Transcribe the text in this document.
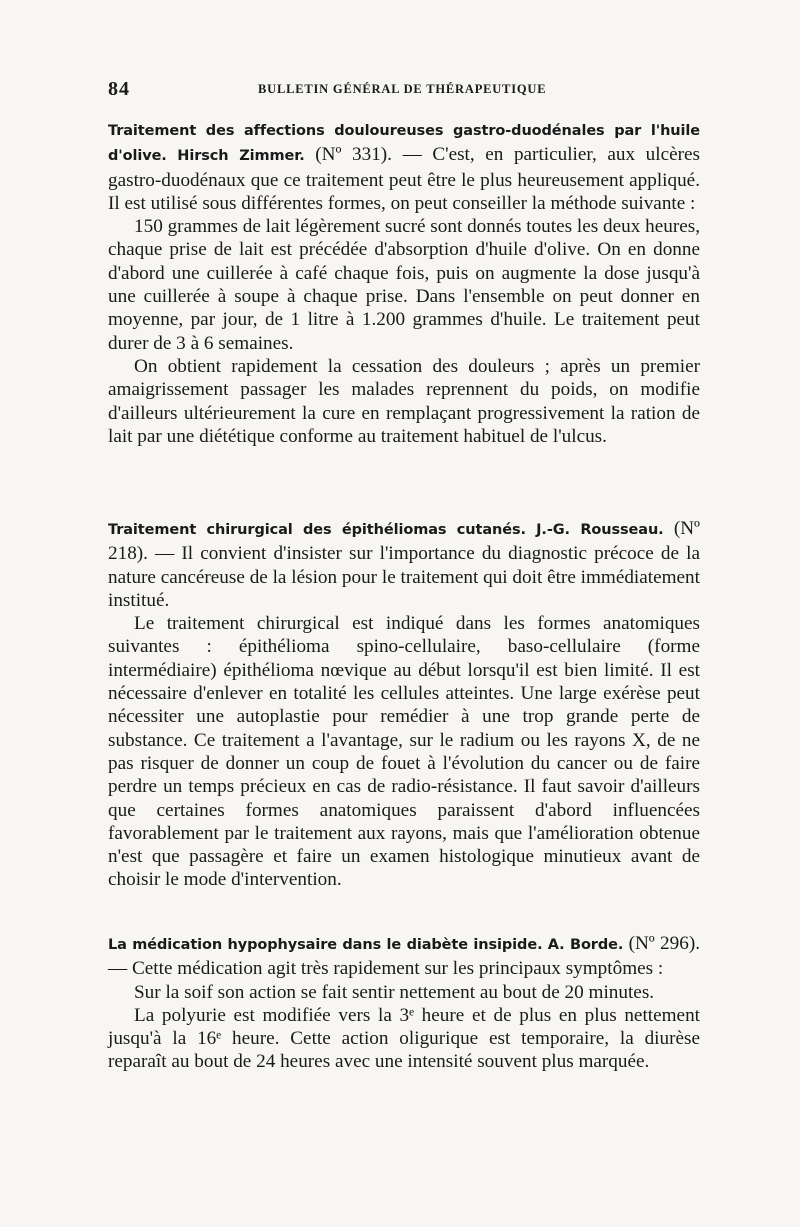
84	BULLETIN GÉNÉRAL DE THÉRAPEUTIQUE

Traitement des affections douloureuses gastro-duodénales par l'huile d'olive. Hirsch Zimmer. (Nº 331). — C'est, en particulier, aux ulcères gastro-duodénaux que ce traitement peut être le plus heureusement appliqué. Il est utilisé sous différentes formes, on peut conseiller la méthode suivante :

150 grammes de lait légèrement sucré sont donnés toutes les deux heures, chaque prise de lait est précédée d'absorption d'huile d'olive. On en donne d'abord une cuillerée à café chaque fois, puis on augmente la dose jusqu'à une cuillerée à soupe à chaque prise. Dans l'ensemble on peut donner en moyenne, par jour, de 1 litre à 1.200 grammes d'huile. Le traitement peut durer de 3 à 6 semaines.

On obtient rapidement la cessation des douleurs ; après un premier amaigrissement passager les malades reprennent du poids, on modifie d'ailleurs ultérieurement la cure en remplaçant progressivement la ration de lait par une diététique conforme au traitement habituel de l'ulcus.

Traitement chirurgical des épithéliomas cutanés. J.-G. Rousseau. (Nº 218). — Il convient d'insister sur l'importance du diagnostic précoce de la nature cancéreuse de la lésion pour le traitement qui doit être immédiatement institué.

Le traitement chirurgical est indiqué dans les formes anatomiques suivantes : épithélioma spino-cellulaire, baso-cellulaire (forme intermédiaire) épithélioma nœvique au début lorsqu'il est bien limité. Il est nécessaire d'enlever en totalité les cellules atteintes. Une large exérèse peut nécessiter une autoplastie pour remédier à une trop grande perte de substance. Ce traitement a l'avantage, sur le radium ou les rayons X, de ne pas risquer de donner un coup de fouet à l'évolution du cancer ou de faire perdre un temps précieux en cas de radio-résistance. Il faut savoir d'ailleurs que certaines formes anatomiques paraissent d'abord influencées favorablement par le traitement aux rayons, mais que l'amélioration obtenue n'est que passagère et faire un examen histologique minutieux avant de choisir le mode d'intervention.

La médication hypophysaire dans le diabète insipide. A. Borde. (Nº 296). — Cette médication agit très rapidement sur les principaux symptômes :

Sur la soif son action se fait sentir nettement au bout de 20 minutes.

La polyurie est modifiée vers la 3ᵉ heure et de plus en plus nettement jusqu'à la 16ᵉ heure. Cette action oligurique est temporaire, la diurèse reparaît au bout de 24 heures avec une intensité souvent plus marquée.
